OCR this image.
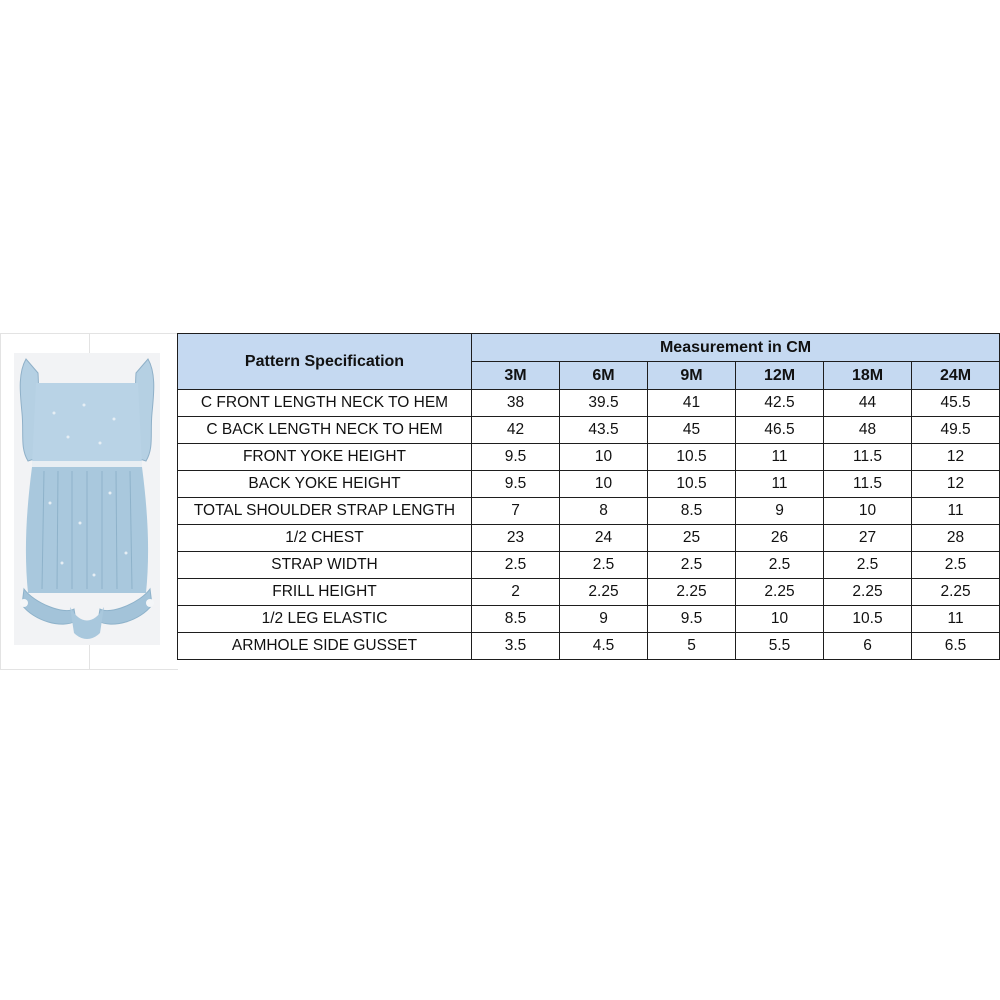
Pattern Specification	Measurement in CM					
	3M	6M	9M	12M	18M	24M
C FRONT LENGTH NECK TO HEM	38	39.5	41	42.5	44	45.5
C BACK LENGTH NECK TO HEM	42	43.5	45	46.5	48	49.5
FRONT YOKE HEIGHT	9.5	10	10.5	11	11.5	12
BACK YOKE HEIGHT	9.5	10	10.5	11	11.5	12
TOTAL SHOULDER STRAP LENGTH	7	8	8.5	9	10	11
1/2 CHEST	23	24	25	26	27	28
STRAP WIDTH	2.5	2.5	2.5	2.5	2.5	2.5
FRILL HEIGHT	2	2.25	2.25	2.25	2.25	2.25
1/2 LEG ELASTIC	8.5	9	9.5	10	10.5	11
ARMHOLE SIDE GUSSET	3.5	4.5	5	5.5	6	6.5
